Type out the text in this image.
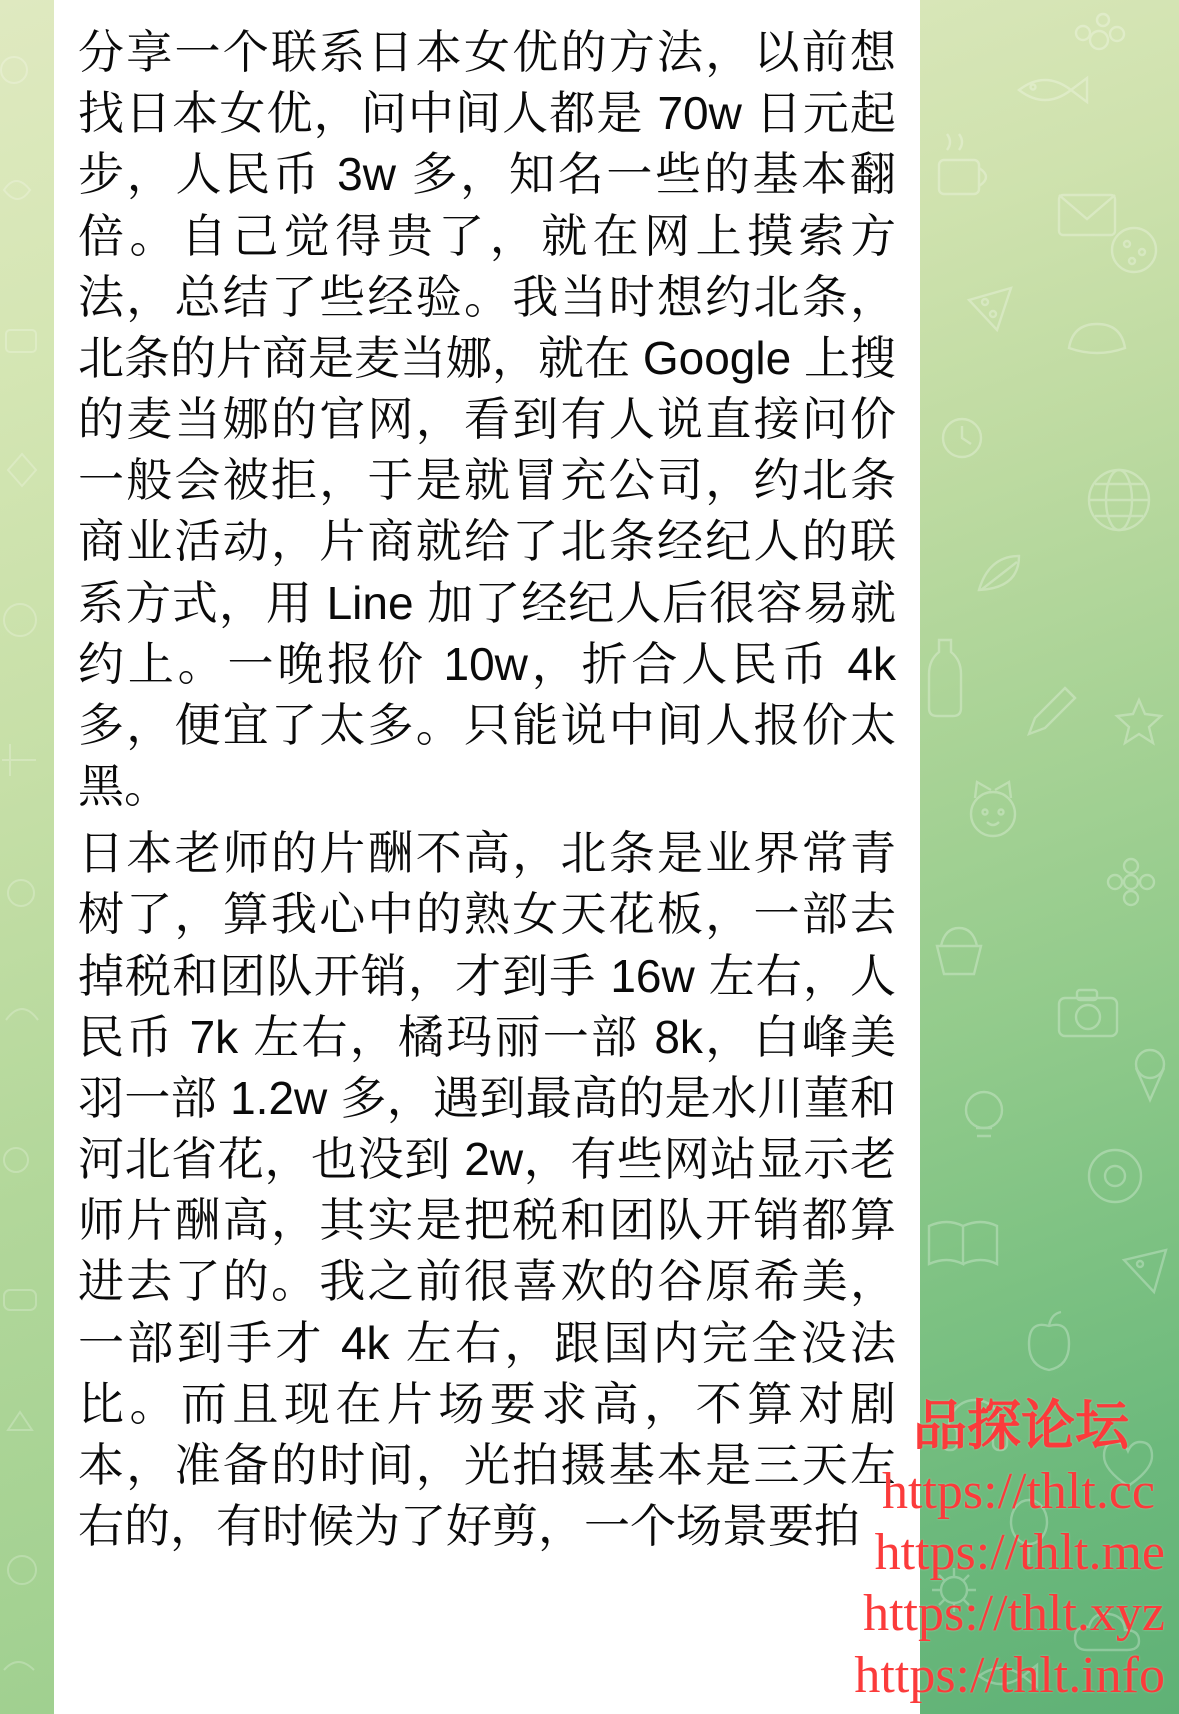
分享一个联系日本女优的方法，以前想找日本女优，问中间人都是 70w 日元起步，人民币 3w 多，知名一些的基本翻倍。自己觉得贵了，就在网上摸索方法，总结了些经验。我当时想约北条，北条的片商是麦当娜，就在 Google 上搜的麦当娜的官网，看到有人说直接问价一般会被拒，于是就冒充公司，约北条商业活动，片商就给了北条经纪人的联系方式，用 Line 加了经纪人后很容易就约上。一晚报价 10w，折合人民币 4k 多，便宜了太多。只能说中间人报价太黑。

日本老师的片酬不高，北条是业界常青树了，算我心中的熟女天花板，一部去掉税和团队开销，才到手 16w 左右，人民币 7k 左右，橘玛丽一部 8k，白峰美羽一部 1.2w 多，遇到最高的是水川菫和河北省花，也没到 2w，有些网站显示老师片酬高，其实是把税和团队开销都算进去了的。我之前很喜欢的谷原希美，一部到手才 4k 左右，跟国内完全没法比。而且现在片场要求高，不算对剧本，准备的时间，光拍摄基本是三天左右的，有时候为了好剪，一个场景要拍

品探论坛
https://thlt.cc
https://thlt.me
https://thlt.xyz
https://thlt.info
